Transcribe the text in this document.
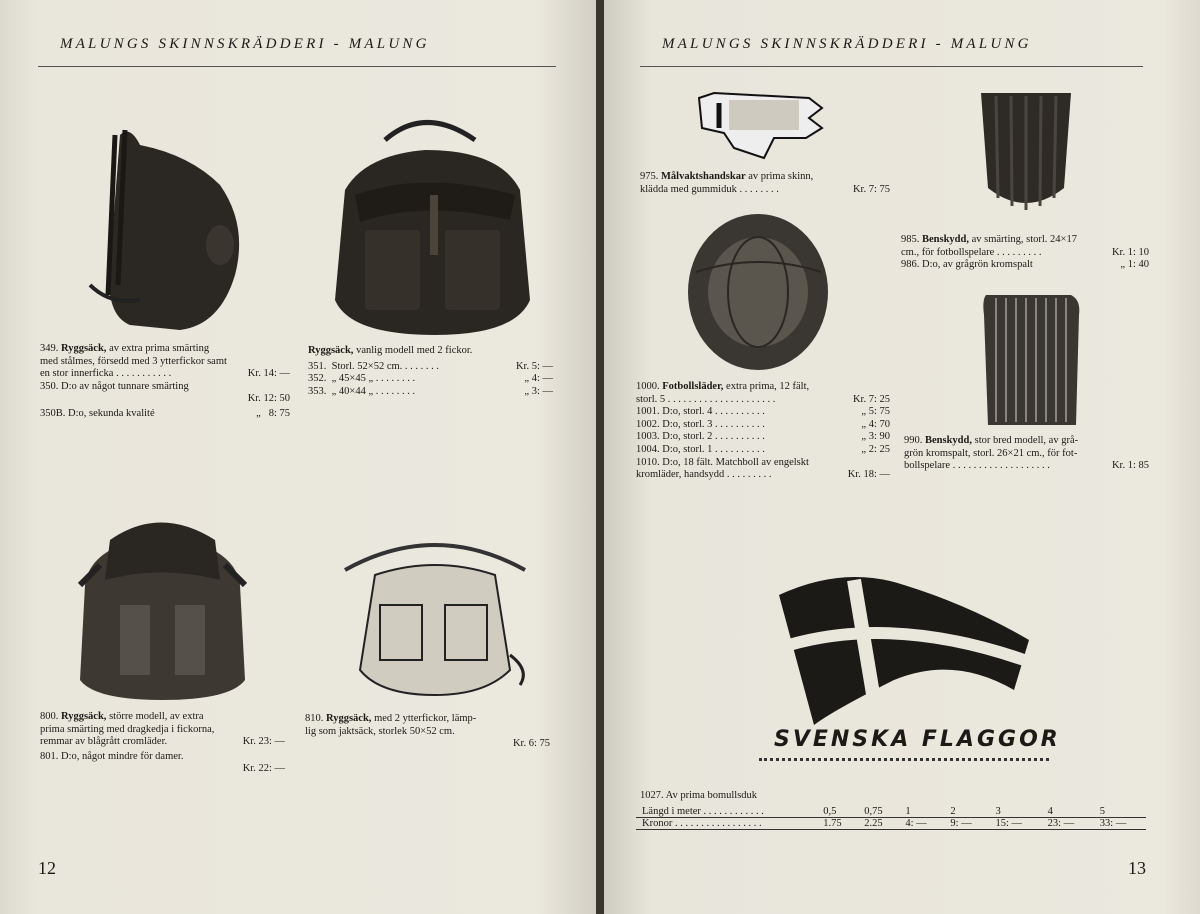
MALUNGS SKINNSKRÄDDERI - MALUNG
349. Ryggsäck, av extra prima smärting
med stålmes, försedd med 3 ytterfickor samt
en stor innerficka . . . . . . . . . . .	Kr. 14: —
350. D:o av något tunnare smärting
Kr. 12: 50
350B. D:o, sekunda kvalité	„ 8: 75
Ryggsäck, vanlig modell med 2 fickor.
351. Storl. 52×52 cm. . . . . . . .	Kr. 5: —
352. „ 45×45 „ . . . . . . . .	„ 4: —
353. „ 40×44 „ . . . . . . . .	„ 3: —
800. Ryggsäck, större modell, av extra
prima smärting med dragkedja i fickorna,
remmar av blågrått cromläder.	Kr. 23: —
801. D:o, något mindre för damer.
Kr. 22: —
810. Ryggsäck, med 2 ytterfickor, lämp-
lig som jaktsäck, storlek 50×52 cm.
Kr. 6: 75
12
MALUNGS SKINNSKRÄDDERI - MALUNG
975. Målvaktshandskar av prima skinn,
klädda med gummiduk . . . . . . . .	Kr. 7: 75
985. Benskydd, av smärting, storl. 24×17
cm., för fotbollspelare . . . . . . . . .	Kr. 1: 10
986. D:o, av grågrön kromspalt	„ 1: 40
1000. Fotbollsläder, extra prima, 12 fält,
storl. 5 . . . . . . . . . . . . . . . . . . . . .	Kr. 7: 25
1001. D:o, storl. 4 . . . . . . . . . .	„ 5: 75
1002. D:o, storl. 3 . . . . . . . . . .	„ 4: 70
1003. D:o, storl. 2 . . . . . . . . . .	„ 3: 90
1004. D:o, storl. 1 . . . . . . . . . .	„ 2: 25
1010. D:o, 18 fält. Matchboll av engelskt
kromläder, handsydd . . . . . . . . .	Kr. 18: —
990. Benskydd, stor bred modell, av grå-
grön kromspalt, storl. 26×21 cm., för fot-
bollspelare . . . . . . . . . . . . . . . . . . .	Kr. 1: 85
SVENSKA FLAGGOR
1027. Av prima bomullsduk
Längd i meter . . . . . . . . . . . .	0,5	0,75	1	2	3	4	5
Kronor . . . . . . . . . . . . . . . . .	1.75	2.25	4: —	9: —	15: —	23: —	33: —
13
